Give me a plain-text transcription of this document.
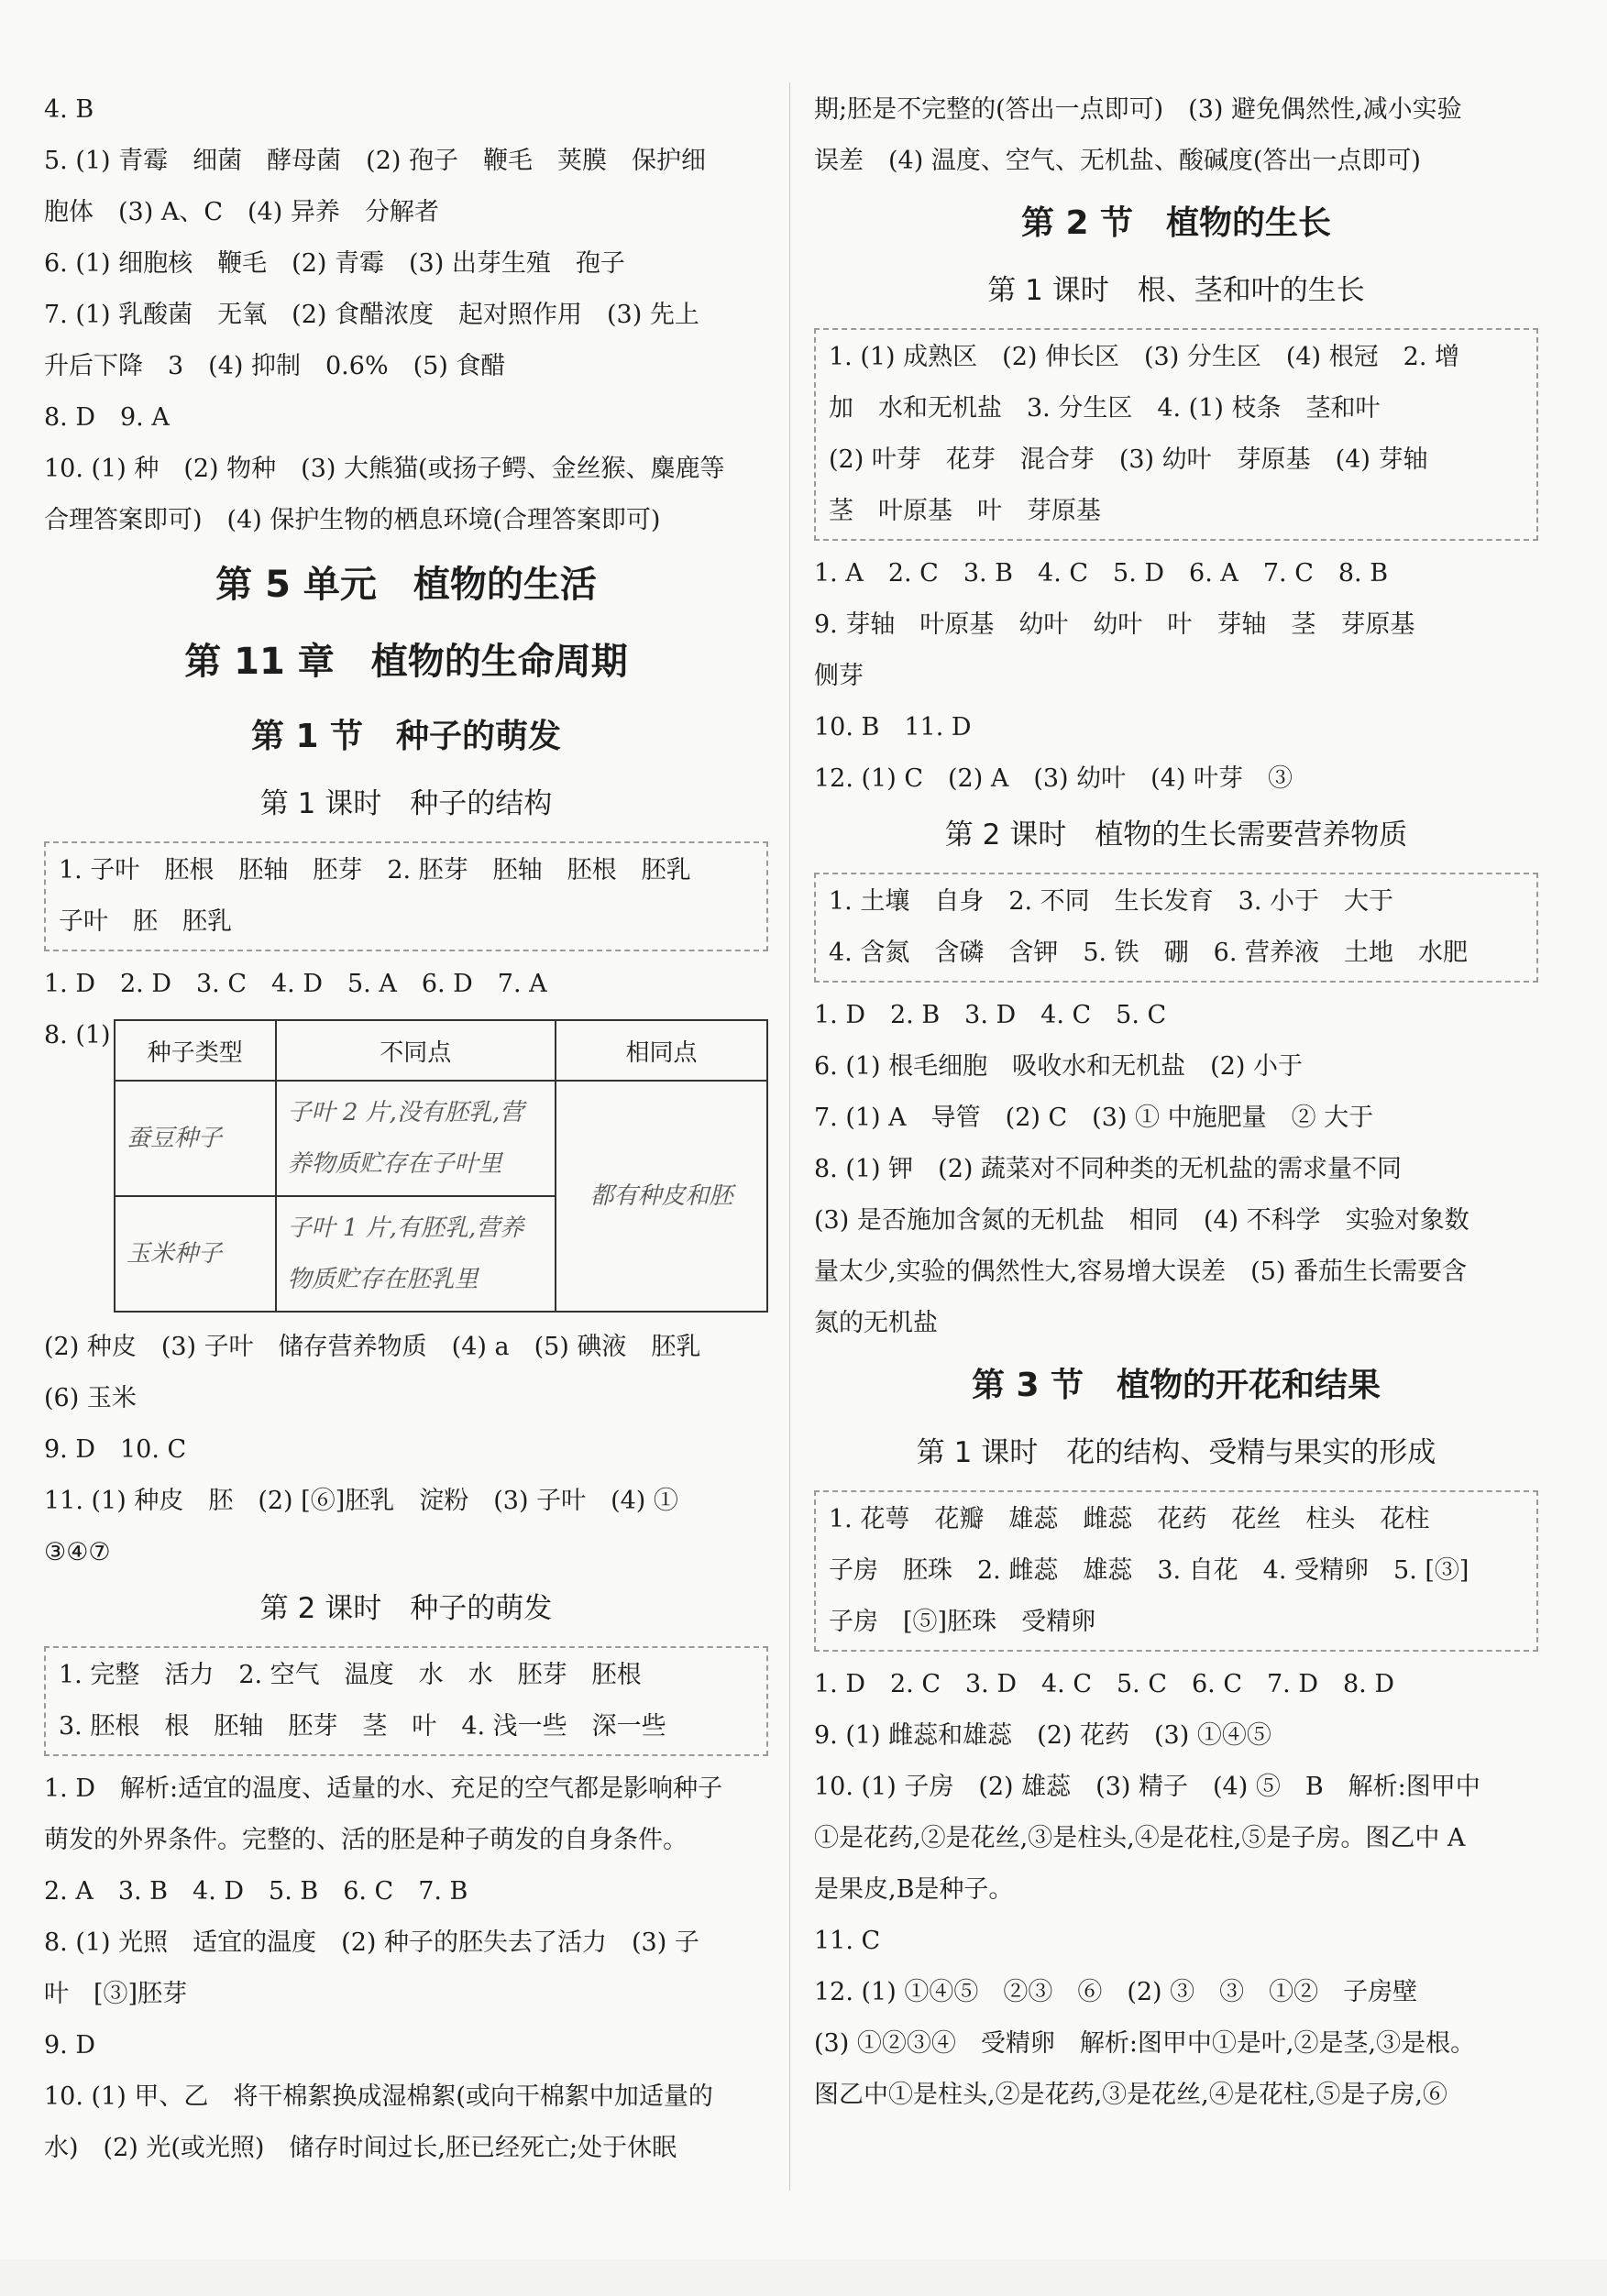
4. B
5. (1) 青霉　细菌　酵母菌　(2) 孢子　鞭毛　荚膜　保护细
胞体　(3) A、C　(4) 异养　分解者
6. (1) 细胞核　鞭毛　(2) 青霉　(3) 出芽生殖　孢子
7. (1) 乳酸菌　无氧　(2) 食醋浓度　起对照作用　(3) 先上
升后下降　3　(4) 抑制　0.6%　(5) 食醋
8. D　9. A
10. (1) 种　(2) 物种　(3) 大熊猫(或扬子鳄、金丝猴、麋鹿等
合理答案即可)　(4) 保护生物的栖息环境(合理答案即可)
第 5 单元　植物的生活
第 11 章　植物的生命周期
第 1 节　种子的萌发
第 1 课时　种子的结构
1. 子叶　胚根　胚轴　胚芽　2. 胚芽　胚轴　胚根　胚乳
子叶　胚　胚乳
1. D　2. D　3. C　4. D　5. A　6. D　7. A
8. (1)
种子类型	不同点	相同点
蚕豆种子	子叶 2 片,没有胚乳,营
养物质贮存在子叶里	都有种皮和胚
玉米种子	子叶 1 片,有胚乳,营养
物质贮存在胚乳里	
(2) 种皮　(3) 子叶　储存营养物质　(4) a　(5) 碘液　胚乳
(6) 玉米
9. D　10. C
11. (1) 种皮　胚　(2) [⑥]胚乳　淀粉　(3) 子叶　(4) ①
③④⑦
第 2 课时　种子的萌发
1. 完整　活力　2. 空气　温度　水　水　胚芽　胚根
3. 胚根　根　胚轴　胚芽　茎　叶　4. 浅一些　深一些
1. D　解析:适宜的温度、适量的水、充足的空气都是影响种子
萌发的外界条件。完整的、活的胚是种子萌发的自身条件。
2. A　3. B　4. D　5. B　6. C　7. B
8. (1) 光照　适宜的温度　(2) 种子的胚失去了活力　(3) 子
叶　[③]胚芽
9. D
10. (1) 甲、乙　将干棉絮换成湿棉絮(或向干棉絮中加适量的
水)　(2) 光(或光照)　储存时间过长,胚已经死亡;处于休眠
期;胚是不完整的(答出一点即可)　(3) 避免偶然性,减小实验
误差　(4) 温度、空气、无机盐、酸碱度(答出一点即可)
第 2 节　植物的生长
第 1 课时　根、茎和叶的生长
1. (1) 成熟区　(2) 伸长区　(3) 分生区　(4) 根冠　2. 增
加　水和无机盐　3. 分生区　4. (1) 枝条　茎和叶
(2) 叶芽　花芽　混合芽　(3) 幼叶　芽原基　(4) 芽轴
茎　叶原基　叶　芽原基
1. A　2. C　3. B　4. C　5. D　6. A　7. C　8. B
9. 芽轴　叶原基　幼叶　幼叶　叶　芽轴　茎　芽原基
侧芽
10. B　11. D
12. (1) C　(2) A　(3) 幼叶　(4) 叶芽　③
第 2 课时　植物的生长需要营养物质
1. 土壤　自身　2. 不同　生长发育　3. 小于　大于
4. 含氮　含磷　含钾　5. 铁　硼　6. 营养液　土地　水肥
1. D　2. B　3. D　4. C　5. C
6. (1) 根毛细胞　吸收水和无机盐　(2) 小于
7. (1) A　导管　(2) C　(3) ① 中施肥量　② 大于
8. (1) 钾　(2) 蔬菜对不同种类的无机盐的需求量不同
(3) 是否施加含氮的无机盐　相同　(4) 不科学　实验对象数
量太少,实验的偶然性大,容易增大误差　(5) 番茄生长需要含
氮的无机盐
第 3 节　植物的开花和结果
第 1 课时　花的结构、受精与果实的形成
1. 花萼　花瓣　雄蕊　雌蕊　花药　花丝　柱头　花柱
子房　胚珠　2. 雌蕊　雄蕊　3. 自花　4. 受精卵　5. [③]
子房　[⑤]胚珠　受精卵
1. D　2. C　3. D　4. C　5. C　6. C　7. D　8. D
9. (1) 雌蕊和雄蕊　(2) 花药　(3) ①④⑤
10. (1) 子房　(2) 雄蕊　(3) 精子　(4) ⑤　B　解析:图甲中
①是花药,②是花丝,③是柱头,④是花柱,⑤是子房。图乙中 A
是果皮,B是种子。
11. C
12. (1) ①④⑤　②③　⑥　(2) ③　③　①②　子房壁
(3) ①②③④　受精卵　解析:图甲中①是叶,②是茎,③是根。
图乙中①是柱头,②是花药,③是花丝,④是花柱,⑤是子房,⑥
